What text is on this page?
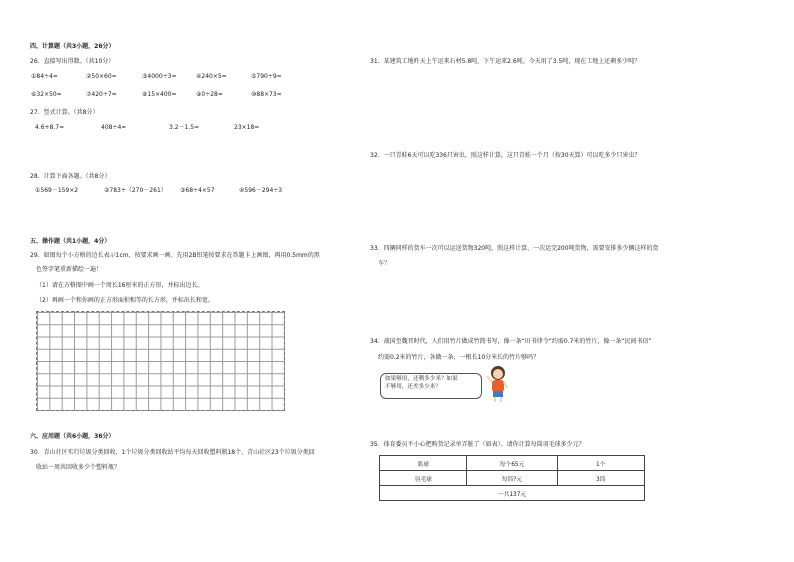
四、计算题（共3小题，26分）
26．直接写出得数。（共10分）
①84÷4=	②50×60=	③4000÷3=	④240×5=	⑤790÷9≈
⑥32×50=	⑦420÷7=	⑧15×400=	⑨0÷28=	⑩88×73≈
27．竖式计算。（共8分）
4.6+8.7=	408÷4=	3.2－1.5=	23×18=
28．计算下面各题。（共8分）
①569－159×2	②783÷（270－261） ③68÷4×57	④596－294÷3
五、操作题（共1小题，4分）
29．如图每个小方格的边长表示1cm，按要求画一画。先用2B铅笔按要求在答题卡上画图，再用0.5mm的黑
色签字笔重新描绘一遍！
（1）请在方格图中画一个周长16厘米的正方形，并标出边长。
（2）再画一个和你画的正方形面积相等的长方形，并标出长和宽。
六、应用题（共6小题，36分）
30．青山社区实行垃圾分类回收，1个垃圾分类回收站平均每天回收塑料瓶18个，青山社区23个垃圾分类回
收站一周共回收多少个塑料瓶？
31．某建筑工地昨天上午运来石材5.8吨，下午运来2.6吨。今天用了3.5吨，现在工地上还剩多少吨？
32．一只青蛙6天可以吃336只害虫，照这样计算，这只青蛙一个月（按30天算）可以吃多少只害虫？
33．四辆同样的货车一次可以运送货物320吨，照这样计算，一次运完200吨货物，需要安排多少辆这样的货
车？
34．战国至魏晋时代，人们用竹片做成竹简书写，像一条“田书律令”约需0.7米的竹片，像一条“民间书信”
约需0.2米的竹片，各做一条，一根长10分米长的竹片够吗？
如果够用，还剩多少米？如果
不够用，还差多少米？
35．体育委员不小心把购货记录单弄脏了（如表）。请你计算每筒羽毛球多少元？
篮球	每个65元	1个
羽毛球	每筒?元	3筒
一共137元		
